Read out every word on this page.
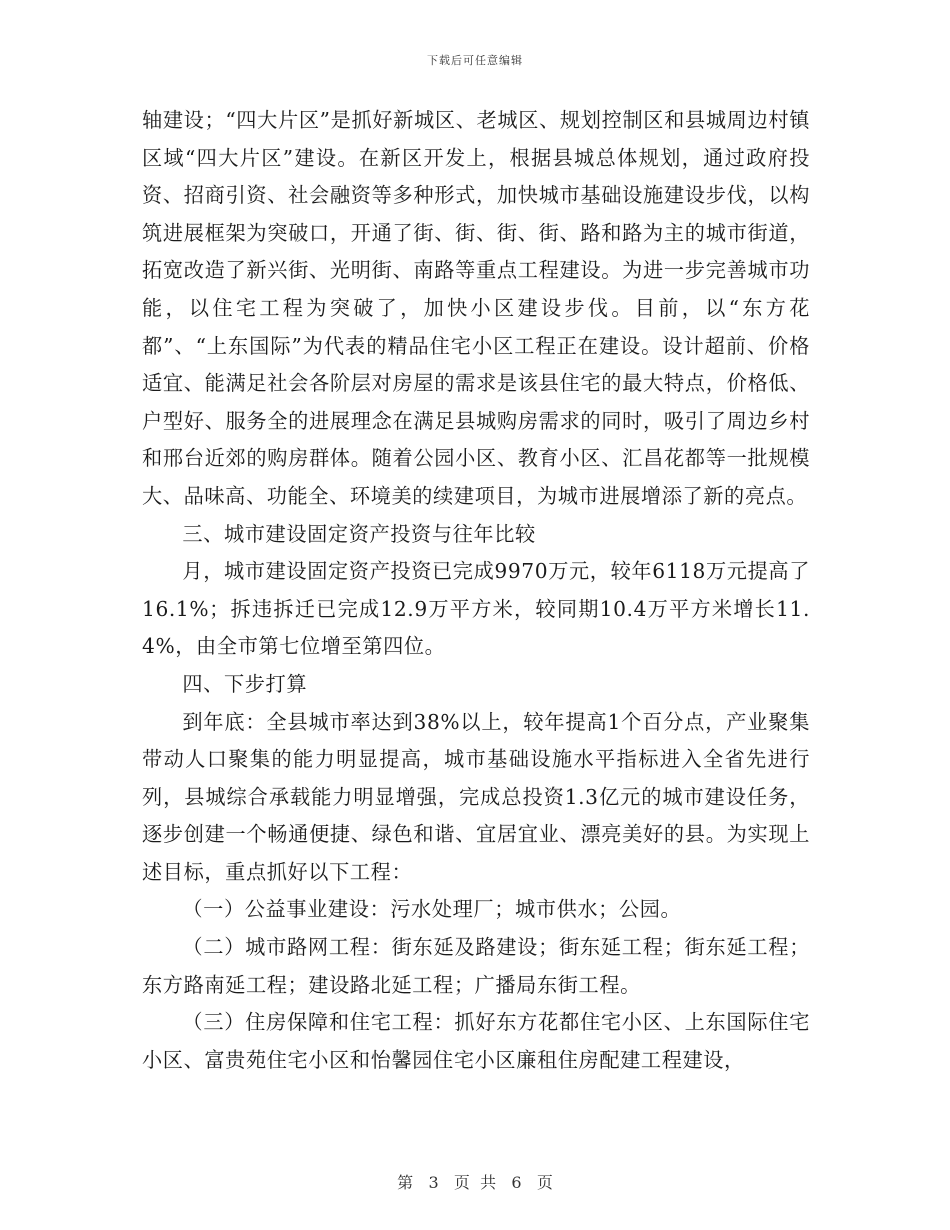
下载后可任意编辑

轴建设；“四大片区”是抓好新城区、老城区、规划控制区和县城周边村镇区域“四大片区”建设。在新区开发上，根据县城总体规划，通过政府投资、招商引资、社会融资等多种形式，加快城市基础设施建设步伐，以构筑进展框架为突破口，开通了街、街、街、街、路和路为主的城市街道，拓宽改造了新兴街、光明街、南路等重点工程建设。为进一步完善城市功能，以住宅工程为突破了，加快小区建设步伐。目前，以“东方花都”、“上东国际”为代表的精品住宅小区工程正在建设。设计超前、价格适宜、能满足社会各阶层对房屋的需求是该县住宅的最大特点，价格低、户型好、服务全的进展理念在满足县城购房需求的同时，吸引了周边乡村和邢台近郊的购房群体。随着公园小区、教育小区、汇昌花都等一批规模大、品味高、功能全、环境美的续建项目，为城市进展增添了新的亮点。

三、城市建设固定资产投资与往年比较

月，城市建设固定资产投资已完成9970万元，较年6118万元提高了16.1%；拆违拆迁已完成12.9万平方米，较同期10.4万平方米增长11.4%，由全市第七位增至第四位。

四、下步打算

到年底：全县城市率达到38%以上，较年提高1个百分点，产业聚集带动人口聚集的能力明显提高，城市基础设施水平指标进入全省先进行列，县城综合承载能力明显增强，完成总投资1.3亿元的城市建设任务，逐步创建一个畅通便捷、绿色和谐、宜居宜业、漂亮美好的县。为实现上述目标，重点抓好以下工程：

（一）公益事业建设：污水处理厂；城市供水；公园。

（二）城市路网工程：街东延及路建设；街东延工程；街东延工程；东方路南延工程；建设路北延工程；广播局东街工程。

（三）住房保障和住宅工程：抓好东方花都住宅小区、上东国际住宅小区、富贵苑住宅小区和怡馨园住宅小区廉租住房配建工程建设，

第 3 页  共 6 页
